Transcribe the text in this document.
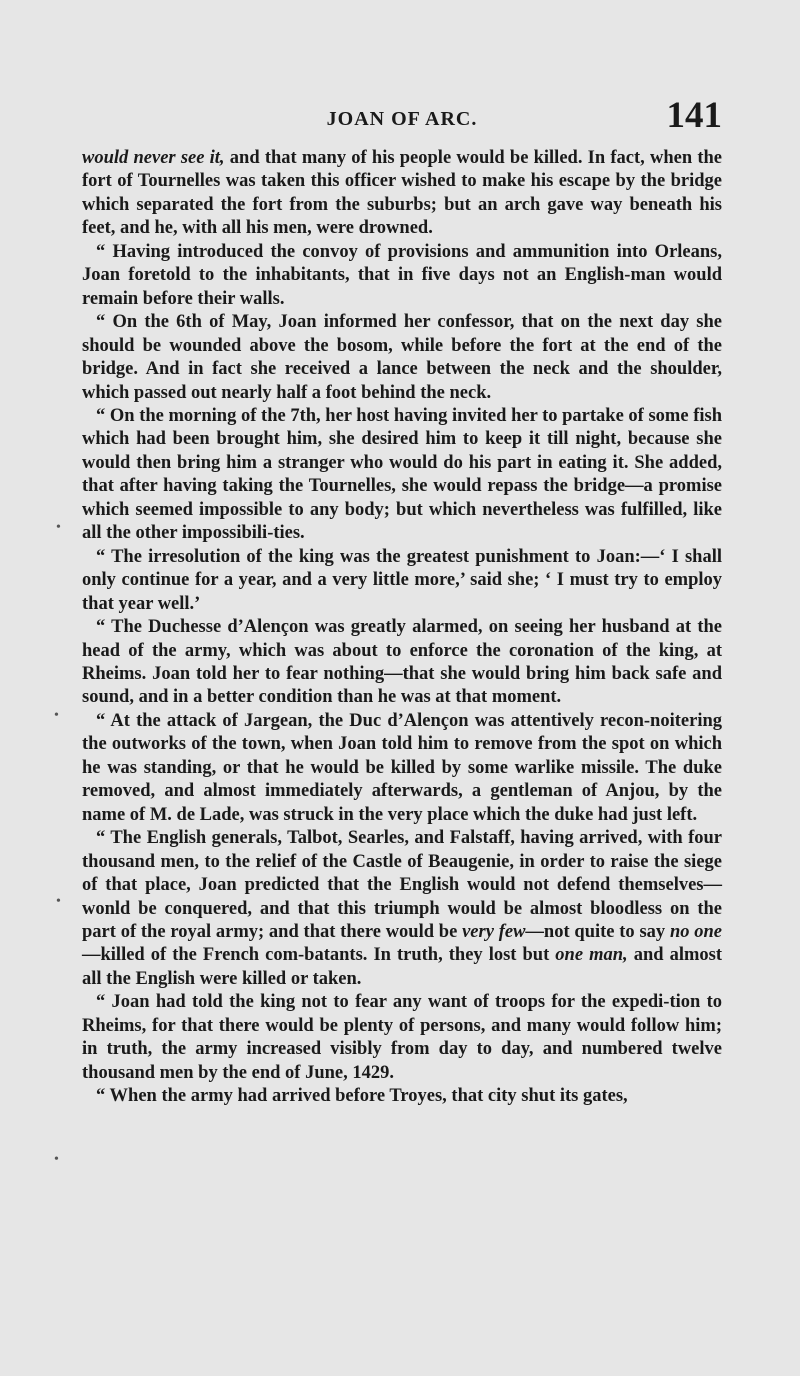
JOAN OF ARC.	141

would never see it, and that many of his people would be killed. In fact, when the fort of Tournelles was taken this officer wished to make his escape by the bridge which separated the fort from the suburbs; but an arch gave way beneath his feet, and he, with all his men, were drowned.

“ Having introduced the convoy of provisions and ammunition into Orleans, Joan foretold to the inhabitants, that in five days not an English-man would remain before their walls.

“ On the 6th of May, Joan informed her confessor, that on the next day she should be wounded above the bosom, while before the fort at the end of the bridge. And in fact she received a lance between the neck and the shoulder, which passed out nearly half a foot behind the neck.

“ On the morning of the 7th, her host having invited her to partake of some fish which had been brought him, she desired him to keep it till night, because she would then bring him a stranger who would do his part in eating it. She added, that after having taking the Tournelles, she would repass the bridge—a promise which seemed impossible to any body; but which nevertheless was fulfilled, like all the other impossibili-ties.

“ The irresolution of the king was the greatest punishment to Joan:—‘ I shall only continue for a year, and a very little more,’ said she; ‘ I must try to employ that year well.’

“ The Duchesse d’Alençon was greatly alarmed, on seeing her husband at the head of the army, which was about to enforce the coronation of the king, at Rheims. Joan told her to fear nothing—that she would bring him back safe and sound, and in a better condition than he was at that moment.

“ At the attack of Jargean, the Duc d’Alençon was attentively recon-noitering the outworks of the town, when Joan told him to remove from the spot on which he was standing, or that he would be killed by some warlike missile. The duke removed, and almost immediately afterwards, a gentleman of Anjou, by the name of M. de Lade, was struck in the very place which the duke had just left.

“ The English generals, Talbot, Searles, and Falstaff, having arrived, with four thousand men, to the relief of the Castle of Beaugenie, in order to raise the siege of that place, Joan predicted that the English would not defend themselves—wonld be conquered, and that this triumph would be almost bloodless on the part of the royal army; and that there would be very few—not quite to say no one—killed of the French com-batants. In truth, they lost but one man, and almost all the English were killed or taken.

“ Joan had told the king not to fear any want of troops for the expedi-tion to Rheims, for that there would be plenty of persons, and many would follow him; in truth, the army increased visibly from day to day, and numbered twelve thousand men by the end of June, 1429.

“ When the army had arrived before Troyes, that city shut its gates,

•
•
•
•
